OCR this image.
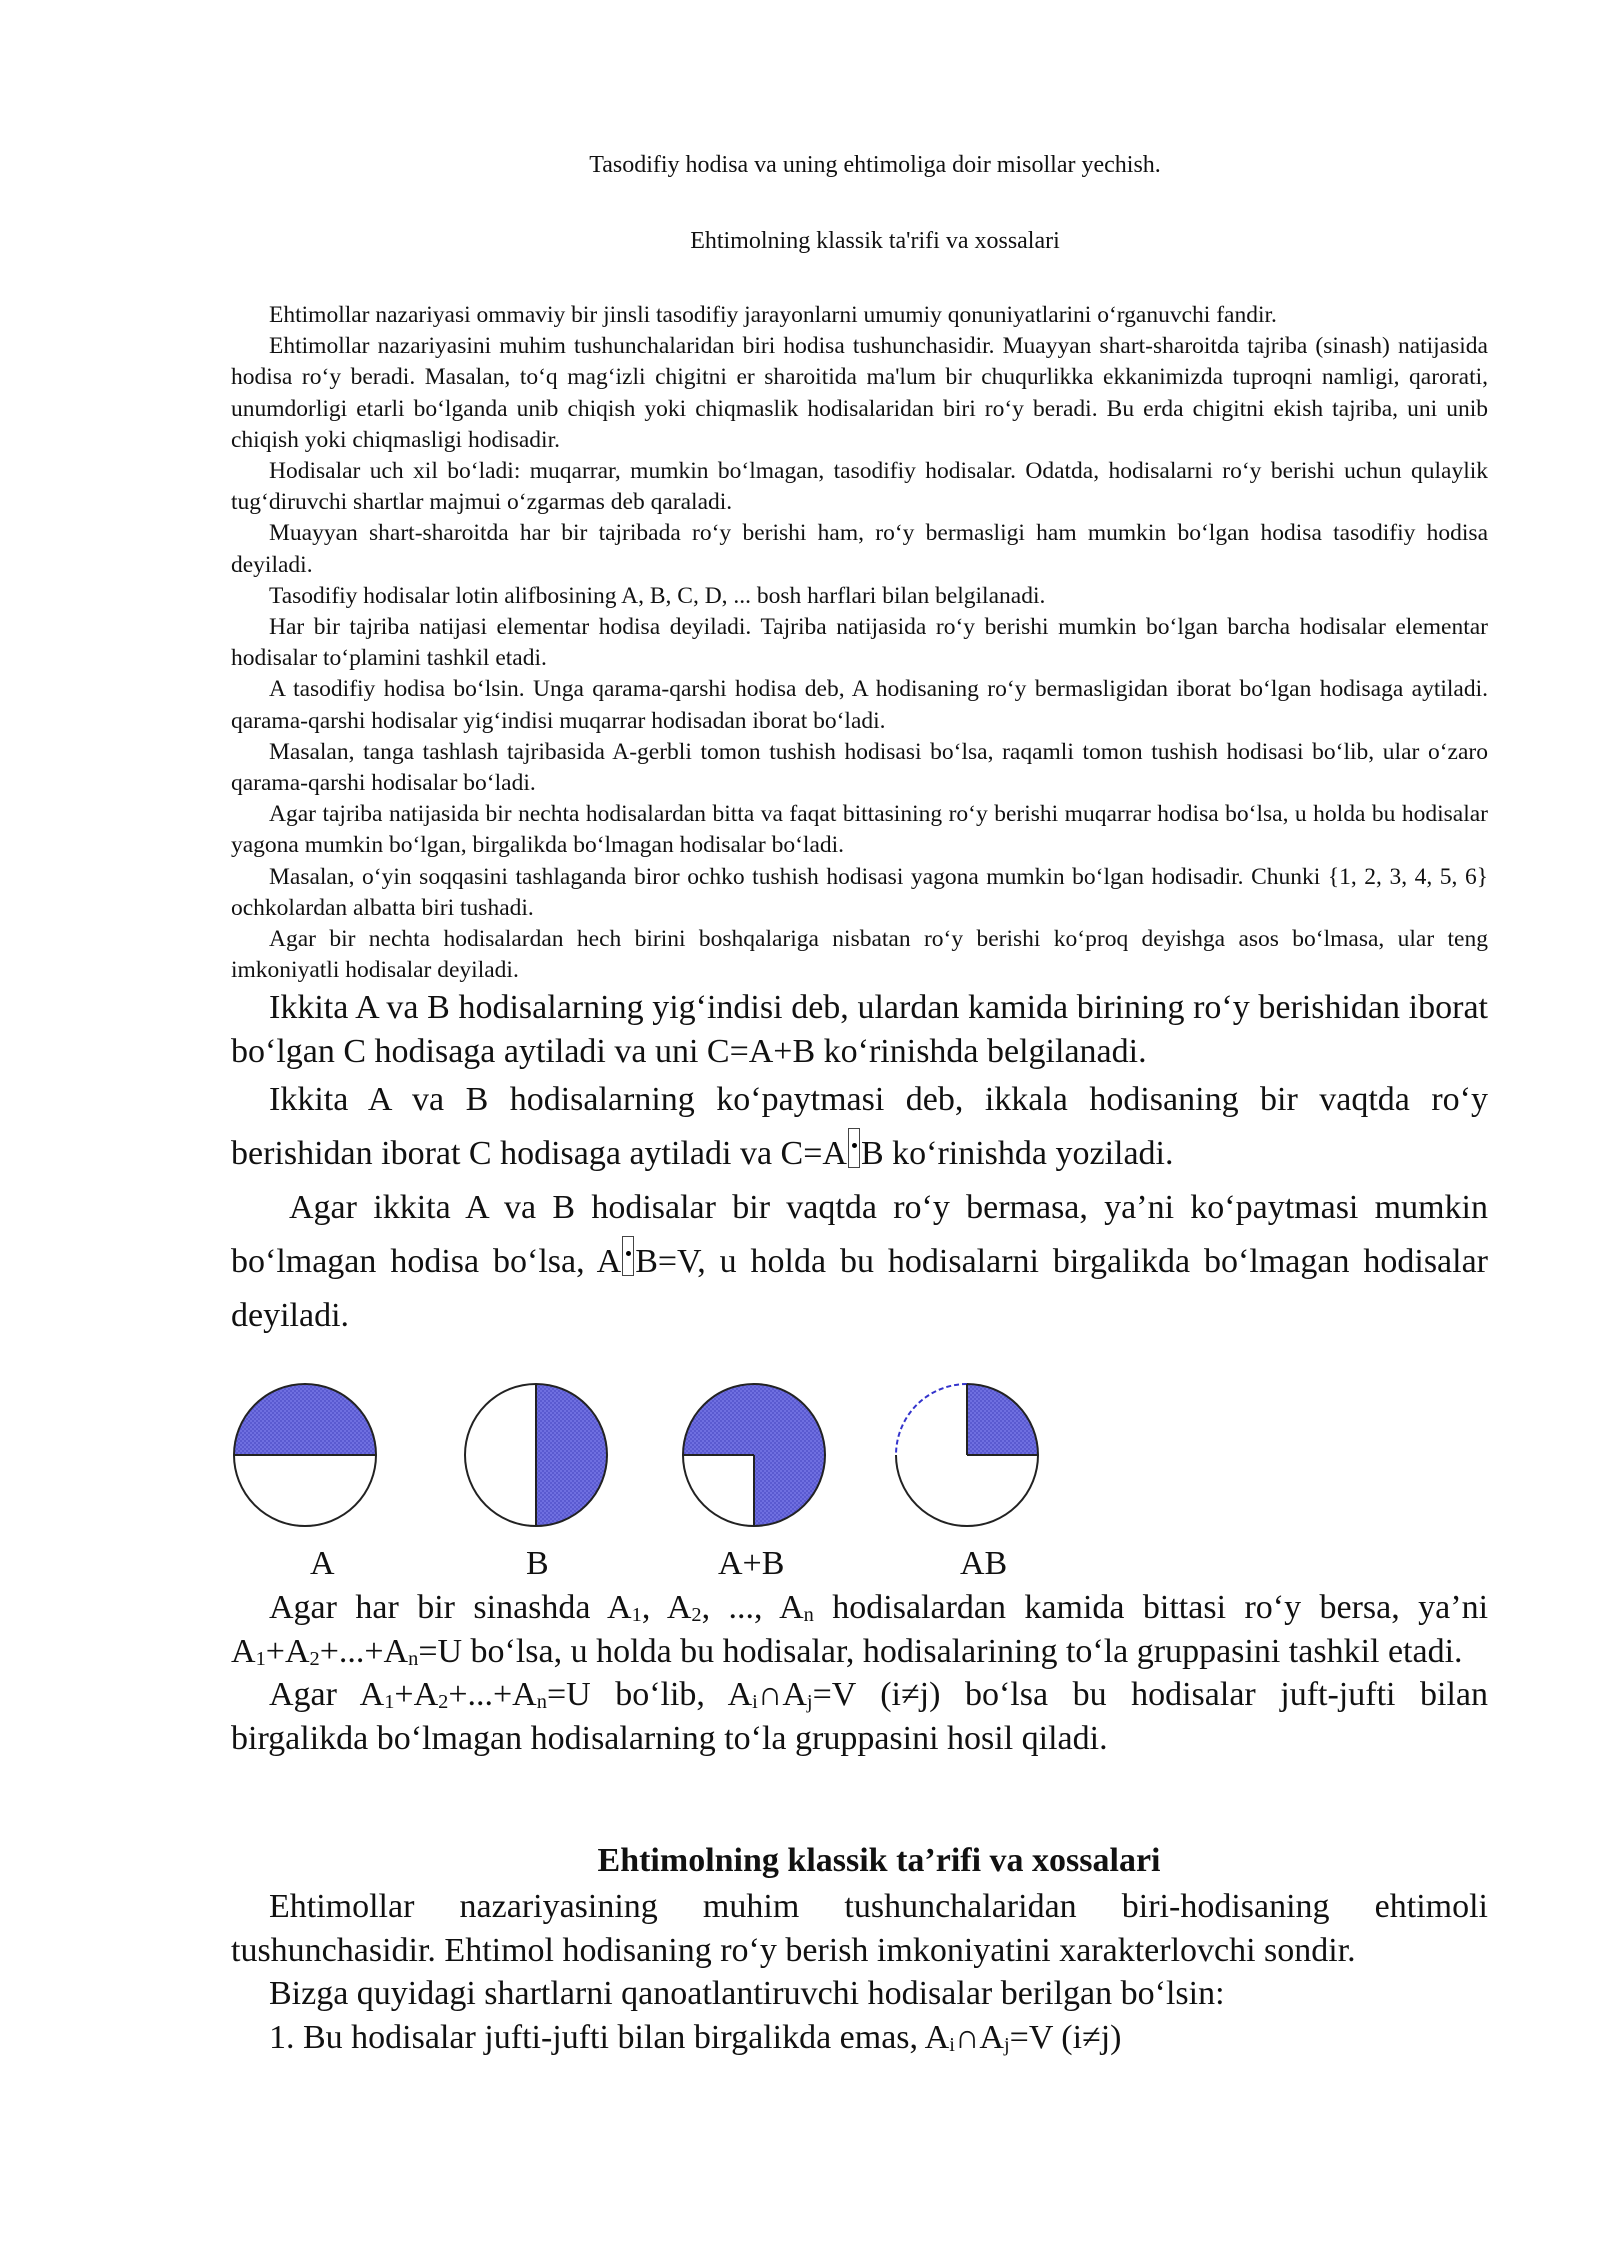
Tasodifiy hodisa va uning ehtimoliga doir misollar yechish.
Ehtimolning klassik ta'rifi va xossalari

Ehtimollar nazariyasi ommaviy bir jinsli tasodifiy jarayonlarni umumiy qonuniyatlarini o‘rganuvchi fandir.

Ehtimollar nazariyasini muhim tushunchalaridan biri hodisa tushunchasidir. Muayyan shart-sharoitda tajriba (sinash) natijasida hodisa ro‘y beradi. Masalan, to‘q mag‘izli chigitni er sharoitida ma'lum bir chuqurlikka ekkanimizda tuproqni namligi, qarorati, unumdorligi etarli bo‘lganda unib chiqish yoki chiqmaslik hodisalaridan biri ro‘y beradi. Bu erda chigitni ekish tajriba, uni unib chiqish yoki chiqmasligi hodisadir.

Hodisalar uch xil bo‘ladi: muqarrar, mumkin bo‘lmagan, tasodifiy hodisalar. Odatda, hodisalarni ro‘y berishi uchun qulaylik tug‘diruvchi shartlar majmui o‘zgarmas deb qaraladi.

Muayyan shart-sharoitda har bir tajribada ro‘y berishi ham, ro‘y bermasligi ham mumkin bo‘lgan hodisa tasodifiy hodisa deyiladi.

Tasodifiy hodisalar lotin alifbosining A, B, C, D, ... bosh harflari bilan belgilanadi.

Har bir tajriba natijasi elementar hodisa deyiladi. Tajriba natijasida ro‘y berishi mumkin bo‘lgan barcha hodisalar elementar hodisalar to‘plamini tashkil etadi.

A tasodifiy hodisa bo‘lsin. Unga qarama-qarshi hodisa deb, A hodisaning ro‘y bermasligidan iborat bo‘lgan hodisaga aytiladi. qarama-qarshi hodisalar yig‘indisi muqarrar hodisadan iborat bo‘ladi.

Masalan, tanga tashlash tajribasida A-gerbli tomon tushish hodisasi bo‘lsa, raqamli tomon tushish hodisasi bo‘lib, ular o‘zaro qarama-qarshi hodisalar bo‘ladi.

Agar tajriba natijasida bir nechta hodisalardan bitta va faqat bittasining ro‘y berishi muqarrar hodisa bo‘lsa, u holda bu hodisalar yagona mumkin bo‘lgan, birgalikda bo‘lmagan hodisalar bo‘ladi.

Masalan, o‘yin soqqasini tashlaganda biror ochko tushish hodisasi yagona mumkin bo‘lgan hodisadir. Chunki {1, 2, 3, 4, 5, 6} ochkolardan albatta biri tushadi.

Agar bir nechta hodisalardan hech birini boshqalariga nisbatan ro‘y berishi ko‘proq deyishga asos bo‘lmasa, ular teng imkoniyatli hodisalar deyiladi.

Ikkita A va B hodisalarning yig‘indisi deb, ulardan kamida birining ro‘y berishidan iborat bo‘lgan C hodisaga aytiladi va uni C=A+B ko‘rinishda belgilanadi.

Ikkita A va B hodisalarning ko‘paytmasi deb, ikkala hodisaning bir vaqtda ro‘y berishidan iborat C hodisaga aytiladi va C=A B ko‘rinishda yoziladi.

Agar ikkita A va B hodisalar bir vaqtda ro‘y bermasa, ya’ni ko‘paytmasi mumkin bo‘lmagan hodisa bo‘lsa, A B=V, u holda bu hodisalarni birgalikda bo‘lmagan hodisalar deyiladi.

A	B	A+B	AB

Agar har bir sinashda $A_1$, $A_2$, ..., $A_n$ hodisalardan kamida bittasi ro‘y bersa, ya’ni $A_1+A_2+...+A_n=U$ bo‘lsa, u holda bu hodisalar, hodisalarining to‘la gruppasini tashkil etadi.

Agar $A_1+A_2+...+A_n=U$ bo‘lib, $A_i\cap A_j=V$ (i≠j) bo‘lsa bu hodisalar juft-jufti bilan birgalikda bo‘lmagan hodisalarning to‘la gruppasini hosil qiladi.

Ehtimolning klassik ta’rifi va xossalari

Ehtimollar nazariyasining muhim tushunchalaridan biri-hodisaning ehtimoli tushunchasidir. Ehtimol hodisaning ro‘y berish imkoniyatini xarakterlovchi sondir.

Bizga quyidagi shartlarni qanoatlantiruvchi hodisalar berilgan bo‘lsin:

1. Bu hodisalar jufti-jufti bilan birgalikda emas, $A_i\cap A_j=V$ (i≠j)
